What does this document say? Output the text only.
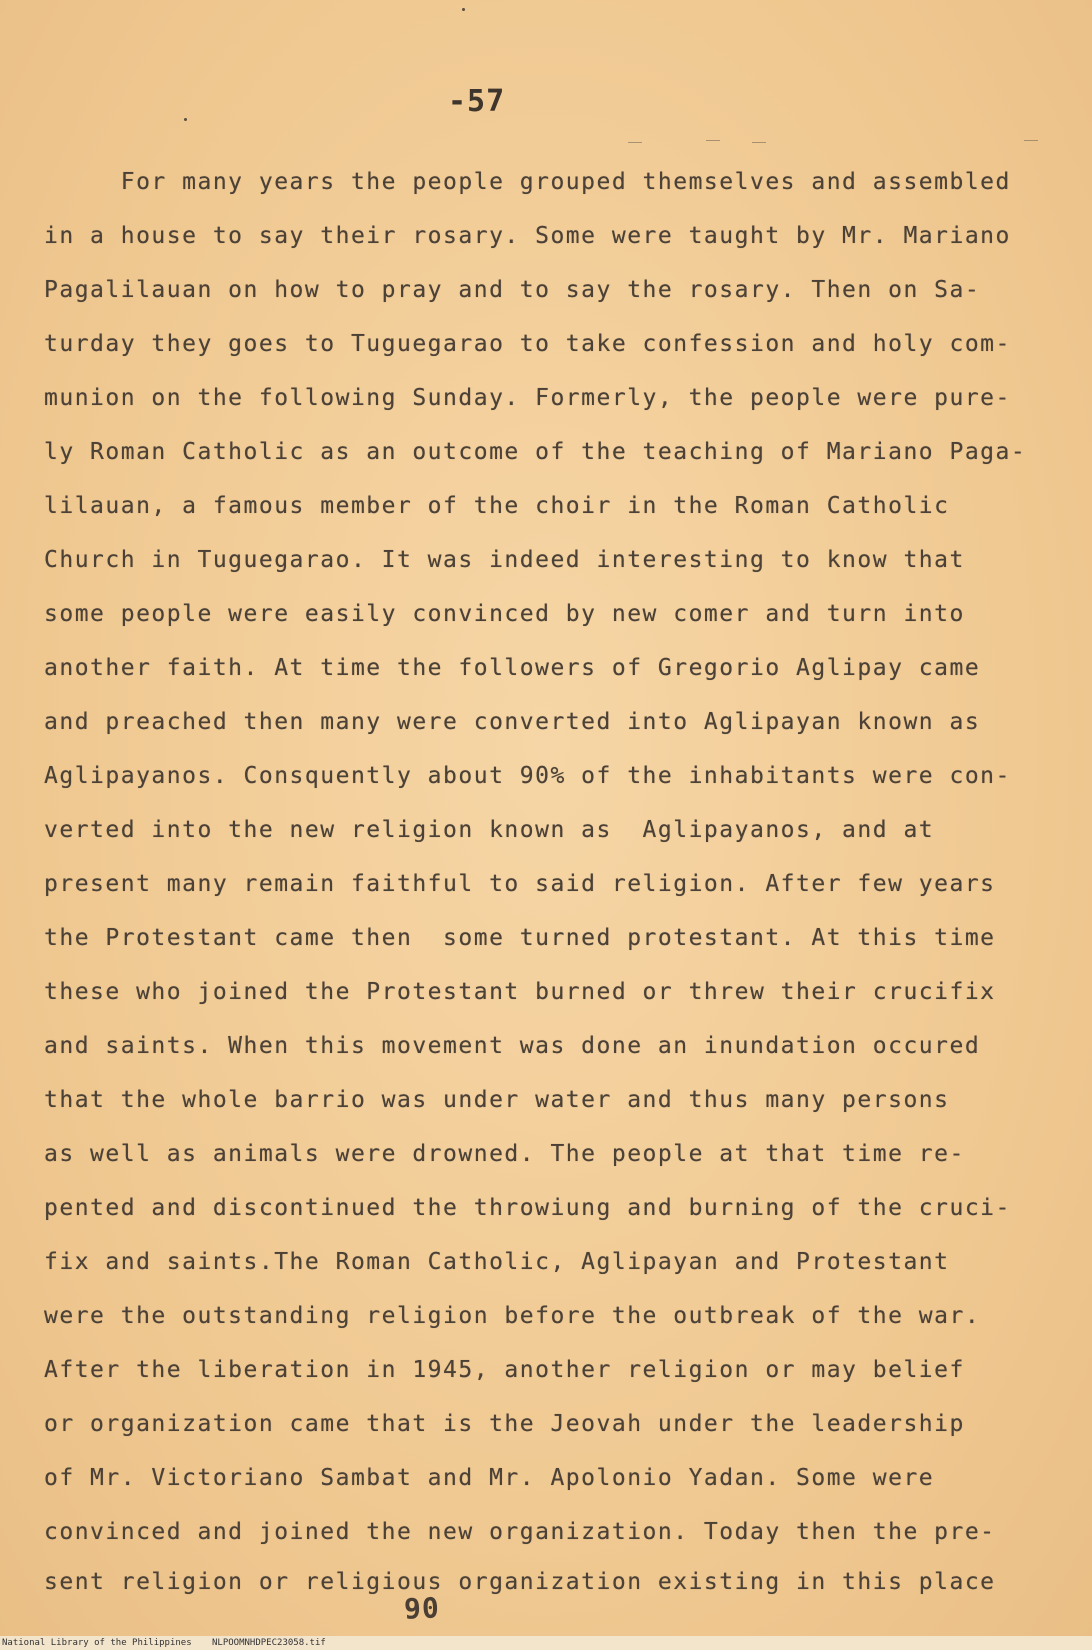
-57
For many years the people grouped themselves and assembled
in a house to say their rosary. Some were taught by Mr. Mariano
Pagalilauan on how to pray and to say the rosary. Then on Sa-
turday they goes to Tuguegarao to take confession and holy com-
munion on the following Sunday. Formerly, the people were pure-
ly Roman Catholic as an outcome of the teaching of Mariano Paga-
lilauan, a famous member of the choir in the Roman Catholic
Church in Tuguegarao. It was indeed interesting to know that
some people were easily convinced by new comer and turn into
another faith. At time the followers of Gregorio Aglipay came
and preached then many were converted into Aglipayan known as
Aglipayanos. Consquently about 90% of the inhabitants were con-
verted into the new religion known as  Aglipayanos, and at
present many remain faithful to said religion. After few years
the Protestant came then  some turned protestant. At this time
these who joined the Protestant burned or threw their crucifix
and saints. When this movement was done an inundation occured
that the whole barrio was under water and thus many persons
as well as animals were drowned. The people at that time re-
pented and discontinued the throwiung and burning of the cruci-
fix and saints.The Roman Catholic, Aglipayan and Protestant
were the outstanding religion before the outbreak of the war.
After the liberation in 1945, another religion or may belief
or organization came that is the Jeovah under the leadership
of Mr. Victoriano Sambat and Mr. Apolonio Yadan. Some were
convinced and joined the new organization. Today then the pre-
sent religion or religious organization existing in this place
90
National Library of the Philippines NLPOOMNHDPEC23058.tif
